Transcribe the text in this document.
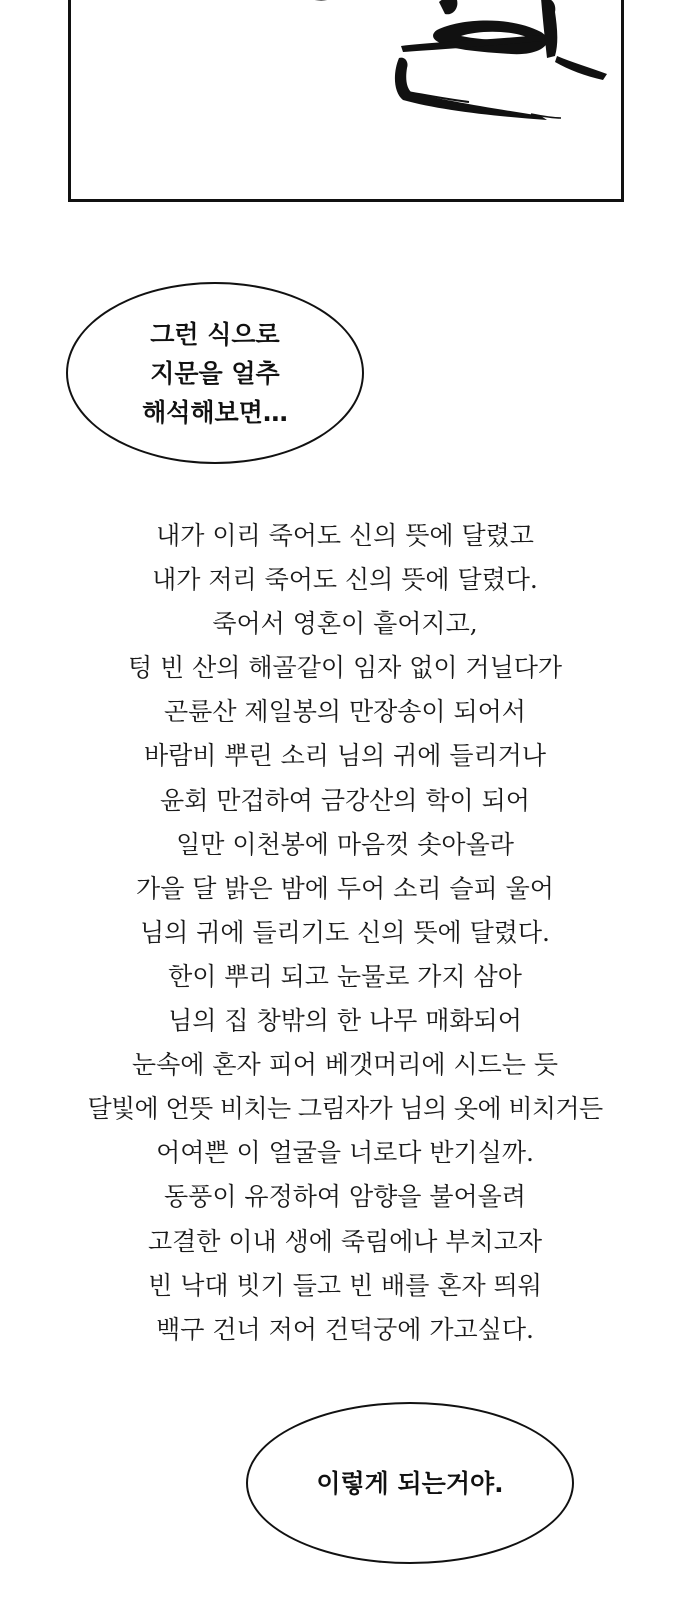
그런 식으로
지문을 얼추
해석해보면…
내가 이리 죽어도 신의 뜻에 달렸고
내가 저리 죽어도 신의 뜻에 달렸다.
죽어서 영혼이 흩어지고,
텅 빈 산의 해골같이 임자 없이 거닐다가
곤륜산 제일봉의 만장송이 되어서
바람비 뿌린 소리 님의 귀에 들리거나
윤회 만겁하여 금강산의 학이 되어
일만 이천봉에 마음껏 솟아올라
가을 달 밝은 밤에 두어 소리 슬피 울어
님의 귀에 들리기도 신의 뜻에 달렸다.
한이 뿌리 되고 눈물로 가지 삼아
님의 집 창밖의 한 나무 매화되어
눈속에 혼자 피어 베갯머리에 시드는 듯
달빛에 언뜻 비치는 그림자가 님의 옷에 비치거든
어여쁜 이 얼굴을 너로다 반기실까.
동풍이 유정하여 암향을 불어올려
고결한 이내 생에 죽림에나 부치고자
빈 낙대 빗기 들고 빈 배를 혼자 띄워
백구 건너 저어 건덕궁에 가고싶다.
이렇게 되는거야.
